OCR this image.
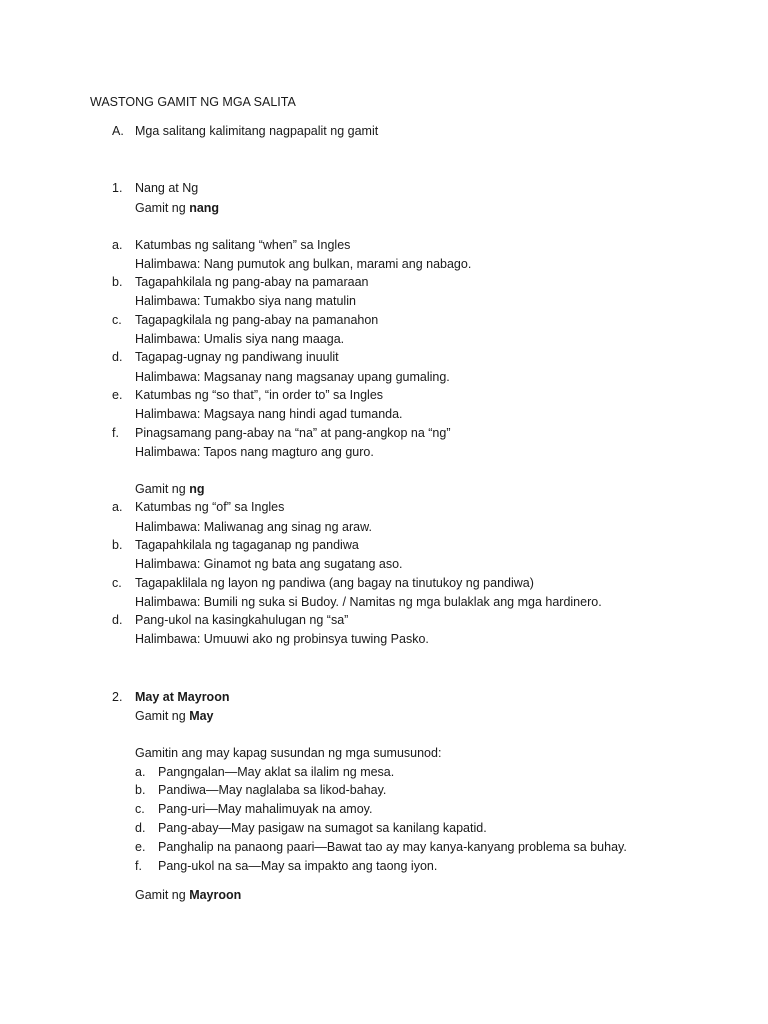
WASTONG GAMIT NG MGA SALITA
A. Mga salitang kalimitang nagpapalit ng gamit
1. Nang at Ng
Gamit ng nang
a. Katumbas ng salitang “when” sa Ingles
Halimbawa: Nang pumutok ang bulkan, marami ang nabago.
b. Tagapahkilala ng pang-abay na pamaraan
Halimbawa: Tumakbo siya nang matulin
c. Tagapagkilala ng pang-abay na pamanahon
Halimbawa: Umalis siya nang maaga.
d. Tagapag-ugnay ng pandiwang inuulit
Halimbawa: Magsanay nang magsanay upang gumaling.
e. Katumbas ng “so that”, “in order to” sa Ingles
Halimbawa: Magsaya nang hindi agad tumanda.
f. Pinagsamang pang-abay na “na” at pang-angkop na “ng”
Halimbawa: Tapos nang magturo ang guro.
Gamit ng ng
a. Katumbas ng “of” sa Ingles
Halimbawa: Maliwanag ang sinag ng araw.
b. Tagapahkilala ng tagaganap ng pandiwa
Halimbawa: Ginamot ng bata ang sugatang aso.
c. Tagapaklilala ng layon ng pandiwa (ang bagay na tinutukoy ng pandiwa)
Halimbawa: Bumili ng suka si Budoy. / Namitas ng mga bulaklak ang mga hardinero.
d. Pang-ukol na kasingkahulugan ng “sa”
Halimbawa: Umuuwi ako ng probinsya tuwing Pasko.
2. May at Mayroon
Gamit ng May
Gamitin ang may kapag susundan ng mga sumusunod:
a. Pangngalan—May aklat sa ilalim ng mesa.
b. Pandiwa—May naglalaba sa likod-bahay.
c. Pang-uri—May mahalimuyak na amoy.
d. Pang-abay—May pasigaw na sumagot sa kanilang kapatid.
e. Panghalip na panaong paari—Bawat tao ay may kanya-kanyang problema sa buhay.
f. Pang-ukol na sa—May sa impakto ang taong iyon.
Gamit ng Mayroon
